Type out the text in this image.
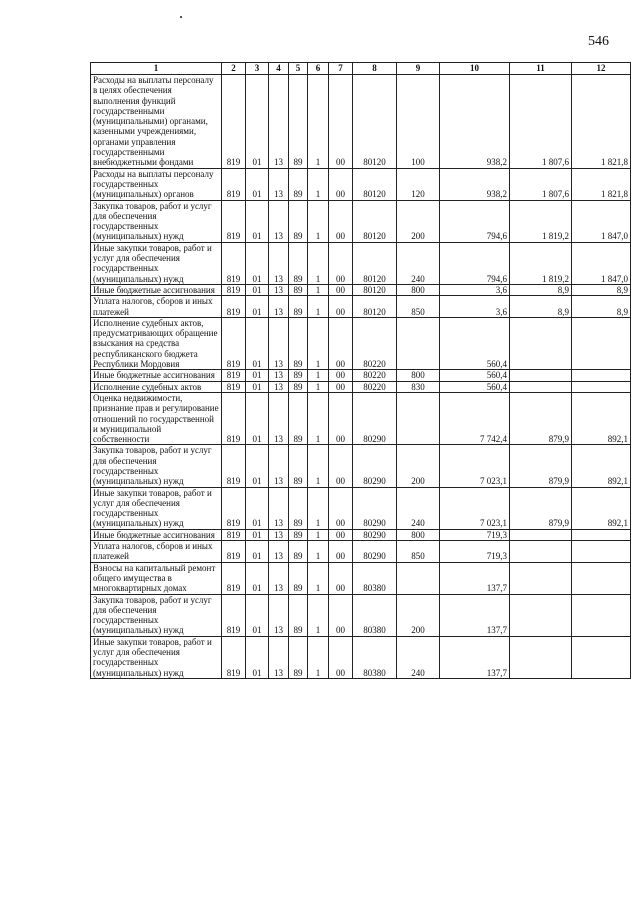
546
1	2	3	4	5	6	7	8	9	10	11	12
Расходы на выплаты персоналу в целях обеспечения выполнения функций государственными (муниципальными) органами, казенными учреждениями, органами управления государственными внебюджетными фондами	819	01	13	89	1	00	80120	100	938,2	1 807,6	1 821,8
Расходы на выплаты персоналу государственных (муниципальных) органов	819	01	13	89	1	00	80120	120	938,2	1 807,6	1 821,8
Закупка товаров, работ и услуг для обеспечения государственных (муниципальных) нужд	819	01	13	89	1	00	80120	200	794,6	1 819,2	1 847,0
Иные закупки товаров, работ и услуг для обеспечения государственных (муниципальных) нужд	819	01	13	89	1	00	80120	240	794,6	1 819,2	1 847,0
Иные бюджетные ассигнования	819	01	13	89	1	00	80120	800	3,6	8,9	8,9
Уплата налогов, сборов и иных платежей	819	01	13	89	1	00	80120	850	3,6	8,9	8,9
Исполнение судебных актов, предусматривающих обращение взыскания на средства республиканского бюджета Республики Мордовия	819	01	13	89	1	00	80220		560,4		
Иные бюджетные ассигнования	819	01	13	89	1	00	80220	800	560,4		
Исполнение судебных актов	819	01	13	89	1	00	80220	830	560,4		
Оценка недвижимости, признание прав и регулирование отношений по государственной и муниципальной собственности	819	01	13	89	1	00	80290		7 742,4	879,9	892,1
Закупка товаров, работ и услуг для обеспечения государственных (муниципальных) нужд	819	01	13	89	1	00	80290	200	7 023,1	879,9	892,1
Иные закупки товаров, работ и услуг для обеспечения государственных (муниципальных) нужд	819	01	13	89	1	00	80290	240	7 023,1	879,9	892,1
Иные бюджетные ассигнования	819	01	13	89	1	00	80290	800	719,3		
Уплата налогов, сборов и иных платежей	819	01	13	89	1	00	80290	850	719,3		
Взносы на капитальный ремонт общего имущества в многоквартирных домах	819	01	13	89	1	00	80380		137,7		
Закупка товаров, работ и услуг для обеспечения государственных (муниципальных) нужд	819	01	13	89	1	00	80380	200	137,7		
Иные закупки товаров, работ и услуг для обеспечения государственных (муниципальных) нужд	819	01	13	89	1	00	80380	240	137,7		
